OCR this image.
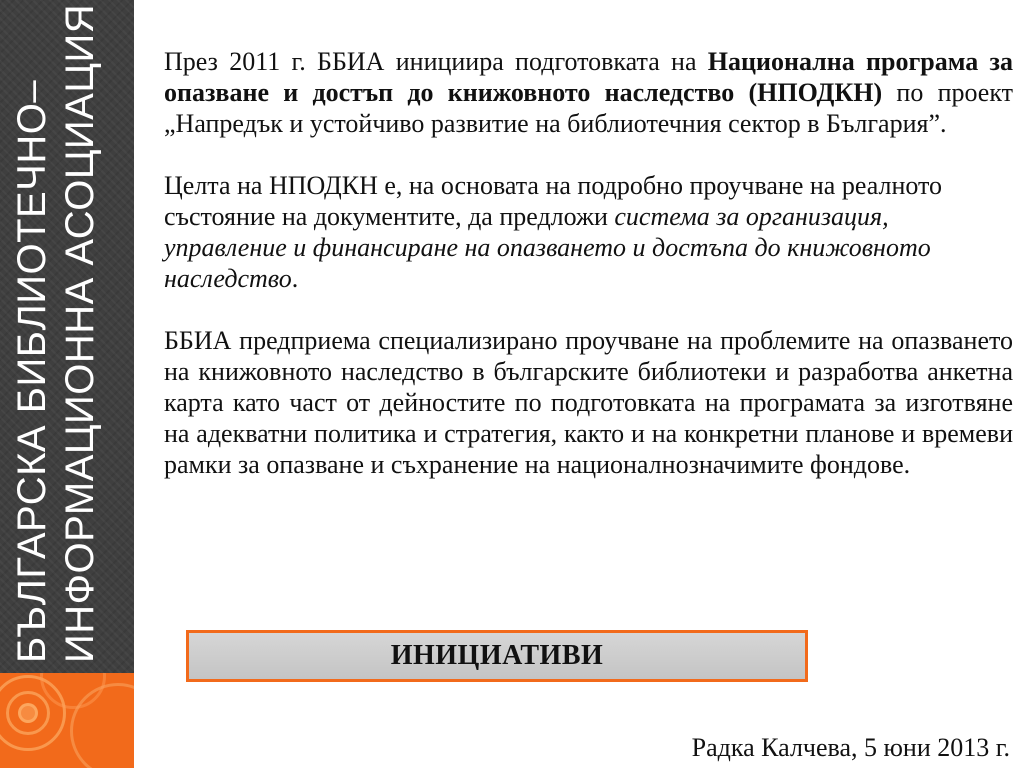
БЪЛГАРСКА БИБЛИОТЕЧНО– ИНФОРМАЦИОННА АСОЦИАЦИЯ През 2011 г. ББИА инициира подготовката на Национална програма за опазване и достъп до книжовното наследство (НПОДКН) по проект „Напредък и устойчиво развитие на библиотечния сектор в България”.

Целта на НПОДКН е, на основата на подробно проучване на реалното състояние на документите, да предложи система за организация, управление и финансиране на опазването и достъпа до книжовното наследство.

ББИА предприема специализирано проучване на проблемите на опазването на книжовното наследство в българските библиотеки и разработва анкетна карта като част от дейностите по подготовката на програмата за изготвяне на адекватни политика и стратегия, както и на конкретни планове и времеви рамки за опазване и съхранение на националнозначимите фондове.

ИНИЦИАТИВИ
Радка Калчева, 5 юни 2013 г.
